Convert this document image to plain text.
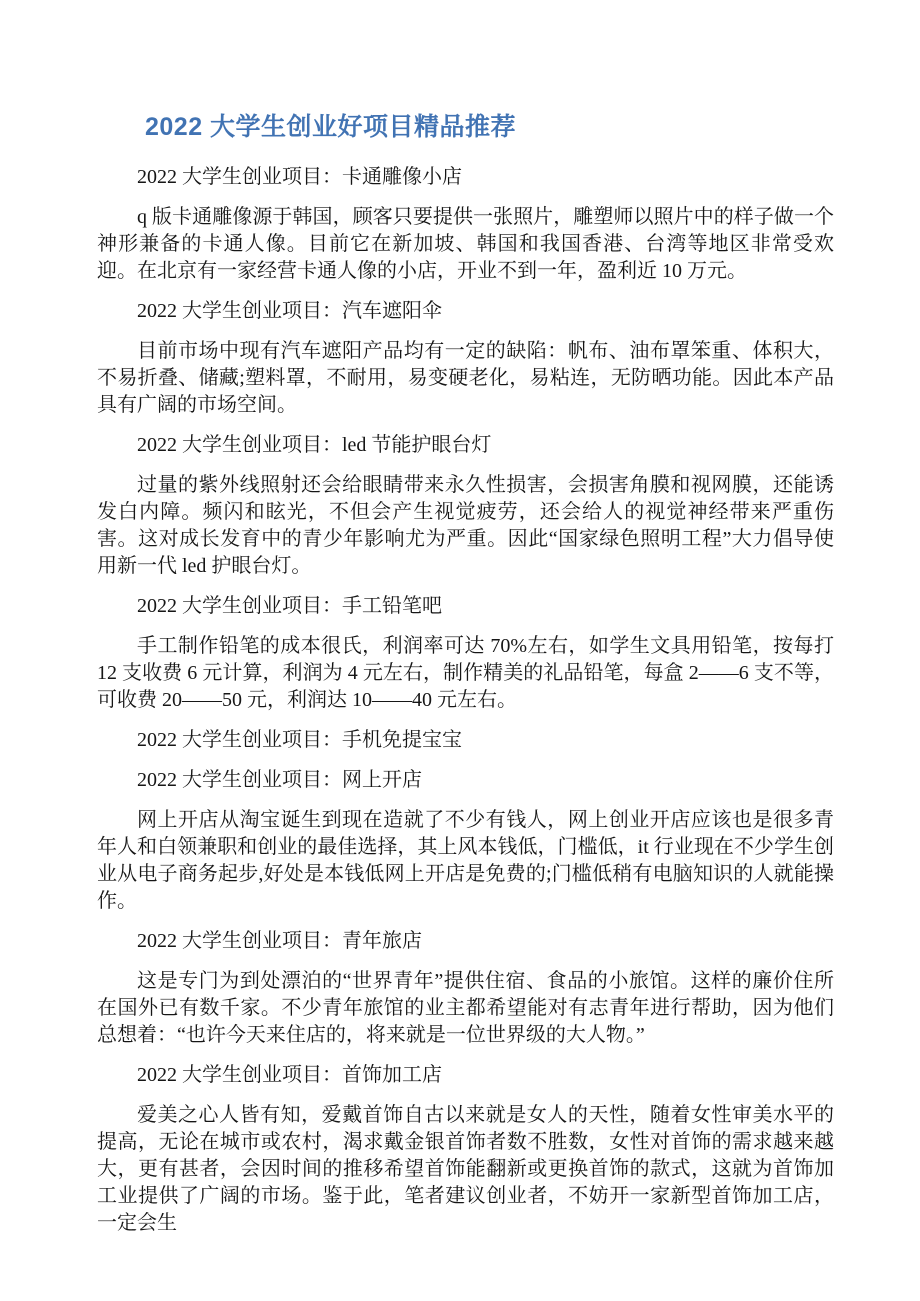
2022 大学生创业好项目精品推荐
2022 大学生创业项目：卡通雕像小店
q 版卡通雕像源于韩国，顾客只要提供一张照片，雕塑师以照片中的样子做一个神形兼备的卡通人像。目前它在新加坡、韩国和我国香港、台湾等地区非常受欢迎。在北京有一家经营卡通人像的小店，开业不到一年，盈利近 10 万元。
2022 大学生创业项目：汽车遮阳伞
目前市场中现有汽车遮阳产品均有一定的缺陷：帆布、油布罩笨重、体积大，不易折叠、储藏;塑料罩，不耐用，易变硬老化，易粘连，无防晒功能。因此本产品具有广阔的市场空间。
2022 大学生创业项目：led 节能护眼台灯
过量的紫外线照射还会给眼睛带来永久性损害，会损害角膜和视网膜，还能诱发白内障。频闪和眩光，不但会产生视觉疲劳，还会给人的视觉神经带来严重伤害。这对成长发育中的青少年影响尤为严重。因此“国家绿色照明工程”大力倡导使用新一代 led 护眼台灯。
2022 大学生创业项目：手工铅笔吧
手工制作铅笔的成本很氏，利润率可达 70%左右，如学生文具用铅笔，按每打 12 支收费 6 元计算，利润为 4 元左右，制作精美的礼品铅笔，每盒 2——6 支不等，可收费 20——50 元，利润达 10——40 元左右。
2022 大学生创业项目：手机免提宝宝
2022 大学生创业项目：网上开店
网上开店从淘宝诞生到现在造就了不少有钱人，网上创业开店应该也是很多青年人和白领兼职和创业的最佳选择，其上风本钱低，门槛低，it 行业现在不少学生创业从电子商务起步,好处是本钱低网上开店是免费的;门槛低稍有电脑知识的人就能操作。
2022 大学生创业项目：青年旅店
这是专门为到处漂泊的“世界青年”提供住宿、食品的小旅馆。这样的廉价住所在国外已有数千家。不少青年旅馆的业主都希望能对有志青年进行帮助，因为他们总想着：“也许今天来住店的，将来就是一位世界级的大人物。”
2022 大学生创业项目：首饰加工店
爱美之心人皆有知，爱戴首饰自古以来就是女人的天性，随着女性审美水平的提高，无论在城市或农村，渴求戴金银首饰者数不胜数，女性对首饰的需求越来越大，更有甚者，会因时间的推移希望首饰能翻新或更换首饰的款式，这就为首饰加工业提供了广阔的市场。鉴于此，笔者建议创业者，不妨开一家新型首饰加工店，一定会生
